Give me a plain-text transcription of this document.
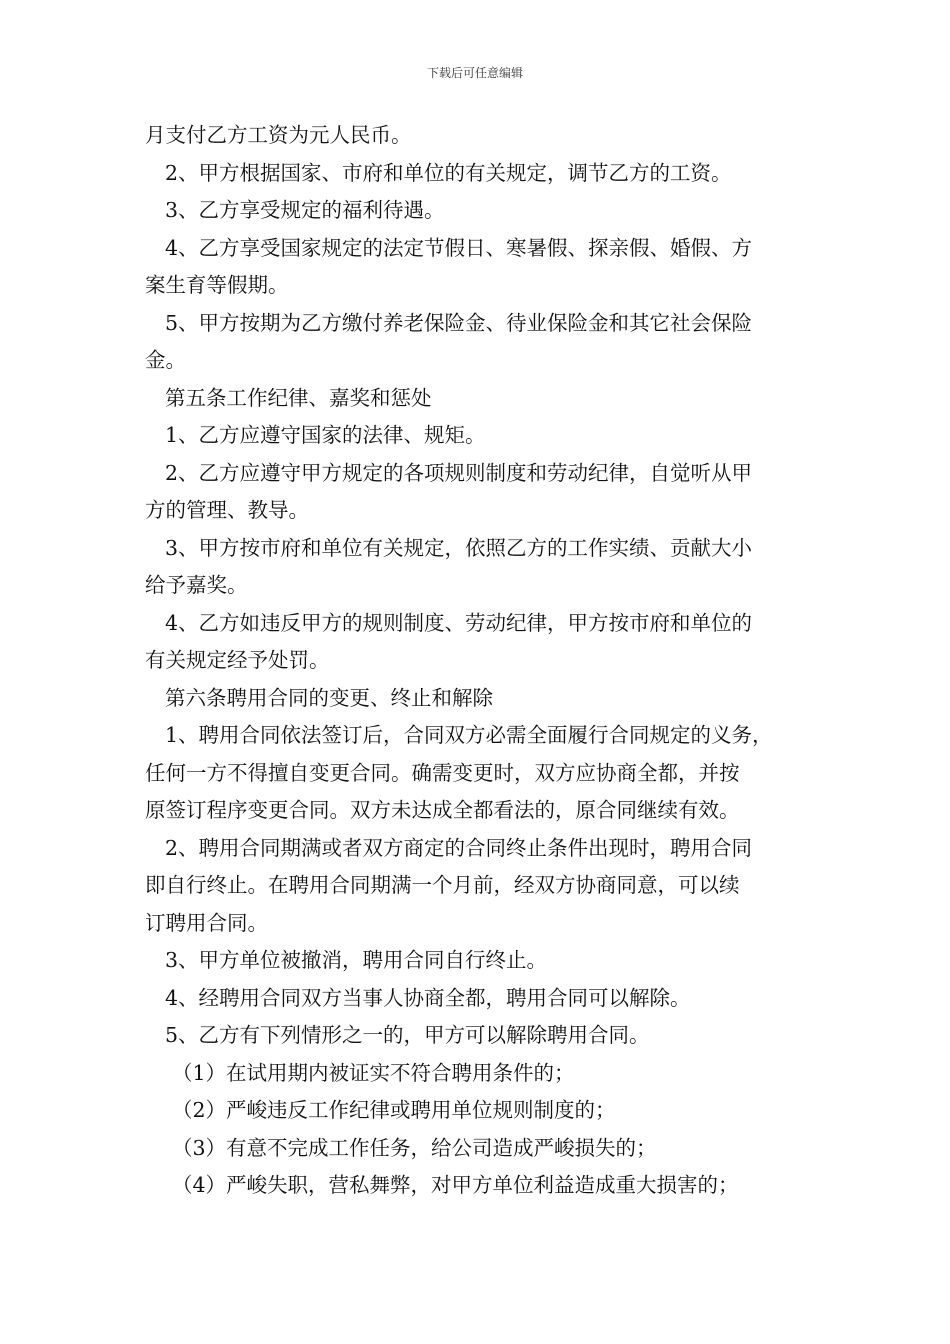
下载后可任意编辑
月支付乙方工资为元人民币。
2、甲方根据国家、市府和单位的有关规定，调节乙方的工资。
3、乙方享受规定的福利待遇。
4、乙方享受国家规定的法定节假日、寒暑假、探亲假、婚假、方
案生育等假期。
5、甲方按期为乙方缴付养老保险金、待业保险金和其它社会保险
金。
第五条工作纪律、嘉奖和惩处
1、乙方应遵守国家的法律、规矩。
2、乙方应遵守甲方规定的各项规则制度和劳动纪律，自觉听从甲
方的管理、教导。
3、甲方按市府和单位有关规定，依照乙方的工作实绩、贡献大小
给予嘉奖。
4、乙方如违反甲方的规则制度、劳动纪律，甲方按市府和单位的
有关规定经予处罚。
第六条聘用合同的变更、终止和解除
1、聘用合同依法签订后，合同双方必需全面履行合同规定的义务，
任何一方不得擅自变更合同。确需变更时，双方应协商全都，并按
原签订程序变更合同。双方未达成全都看法的，原合同继续有效。
2、聘用合同期满或者双方商定的合同终止条件出现时，聘用合同
即自行终止。在聘用合同期满一个月前，经双方协商同意，可以续
订聘用合同。
3、甲方单位被撤消，聘用合同自行终止。
4、经聘用合同双方当事人协商全都，聘用合同可以解除。
5、乙方有下列情形之一的，甲方可以解除聘用合同。
（1）在试用期内被证实不符合聘用条件的；
（2）严峻违反工作纪律或聘用单位规则制度的；
（3）有意不完成工作任务，给公司造成严峻损失的；
（4）严峻失职，营私舞弊，对甲方单位利益造成重大损害的；
